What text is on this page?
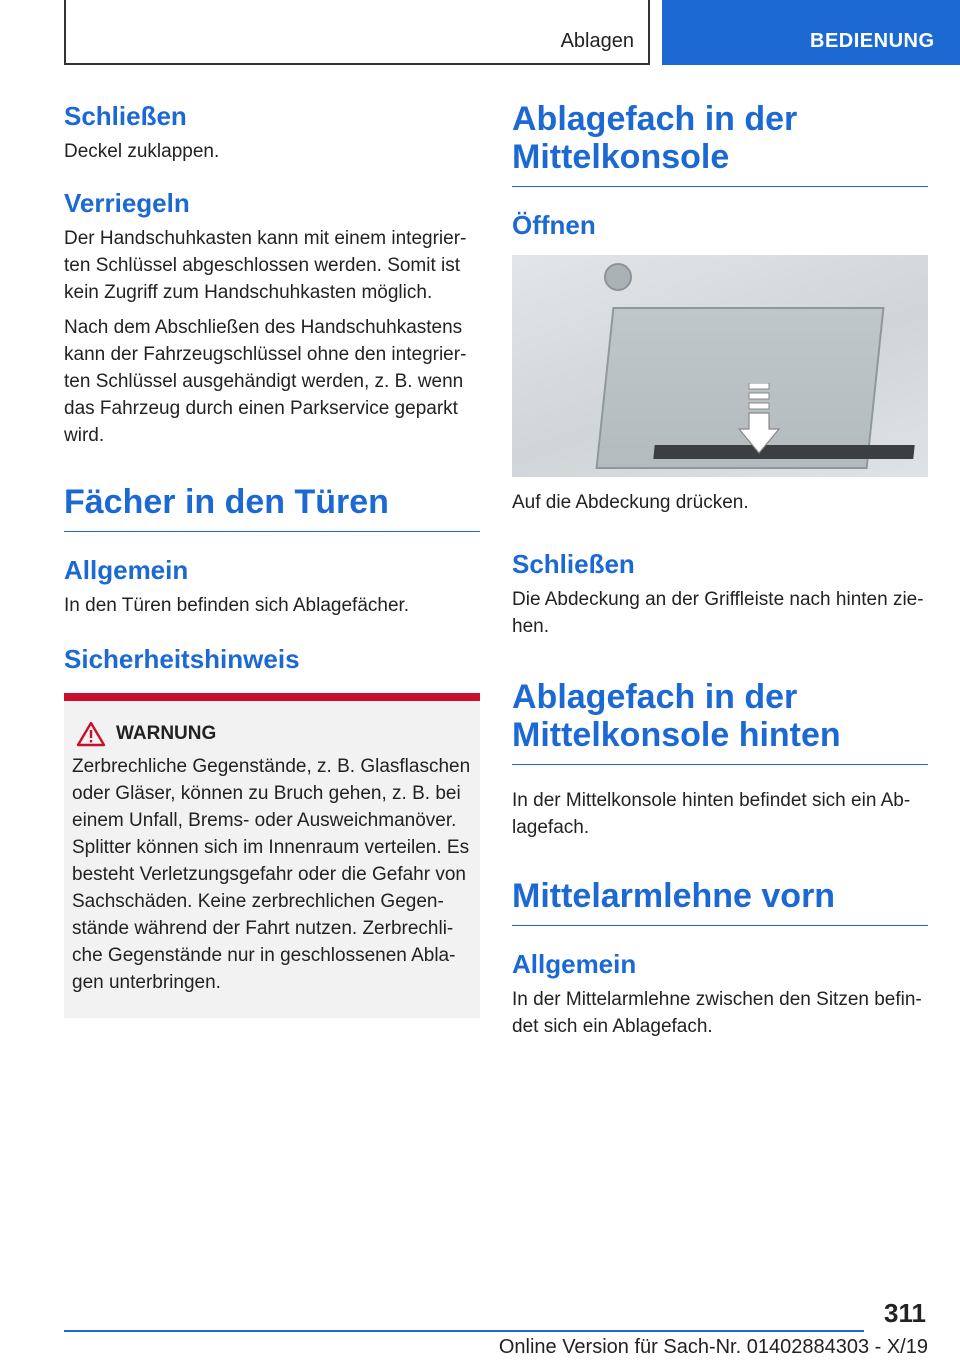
Ablagen	BEDIENUNG
Schließen

Deckel zuklappen.

Verriegeln

Der Handschuhkasten kann mit einem integrier-ten Schlüssel abgeschlossen werden. Somit ist kein Zugriff zum Handschuhkasten möglich.

Nach dem Abschließen des Handschuhkastens kann der Fahrzeugschlüssel ohne den integrier-ten Schlüssel ausgehändigt werden, z. B. wenn das Fahrzeug durch einen Parkservice geparkt wird.

Fächer in den Türen
Allgemein

In den Türen befinden sich Ablagefächer.

Sicherheitshinweis
WARNUNG

Zerbrechliche Gegenstände, z. B. Glasflaschen oder Gläser, können zu Bruch gehen, z. B. bei einem Unfall, Brems- oder Ausweichmanöver. Splitter können sich im Innenraum verteilen. Es besteht Verletzungsgefahr oder die Gefahr von Sachschäden. Keine zerbrechlichen Gegen-stände während der Fahrt nutzen. Zerbrechli-che Gegenstände nur in geschlossenen Abla-gen unterbringen.

Ablagefach in der Mittelkonsole
Öffnen

Auf die Abdeckung drücken.

Schließen

Die Abdeckung an der Griffleiste nach hinten zie-hen.

Ablagefach in der Mittelkonsole hinten

In der Mittelkonsole hinten befindet sich ein Ab-lagefach.

Mittelarmlehne vorn
Allgemein

In der Mittelarmlehne zwischen den Sitzen befin-det sich ein Ablagefach.

311
Online Version für Sach-Nr. 01402884303 - X/19
